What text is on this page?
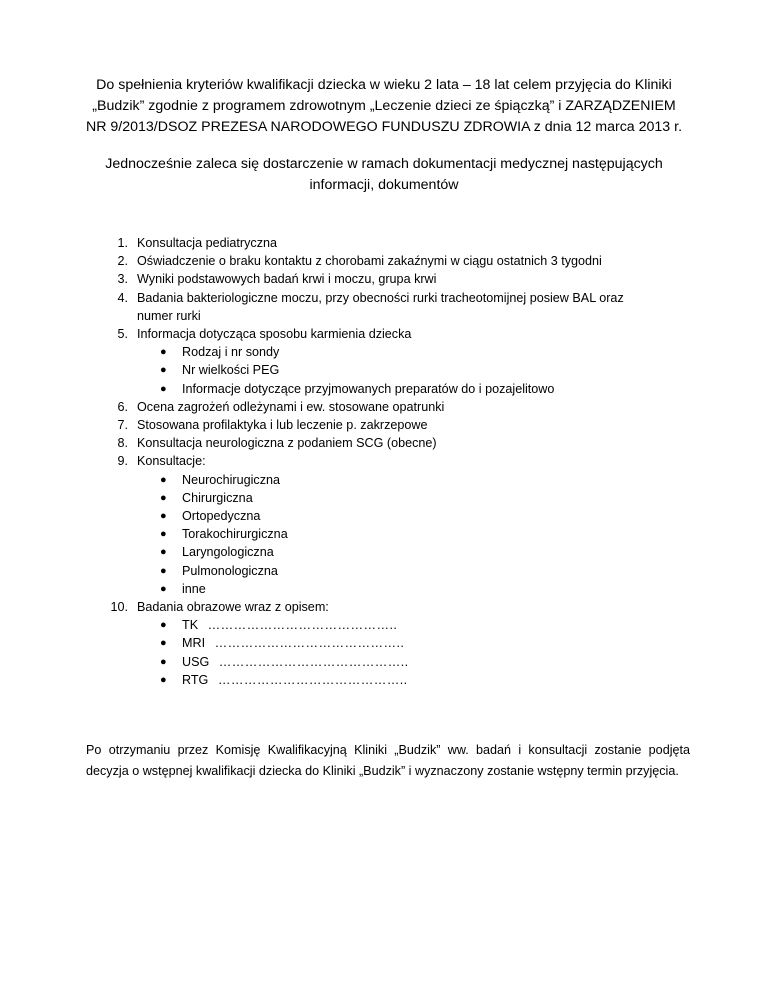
Do spełnienia kryteriów kwalifikacji dziecka w wieku 2 lata – 18 lat celem przyjęcia do Kliniki
„Budzik” zgodnie z programem zdrowotnym „Leczenie dzieci ze śpiączką” i ZARZĄDZENIEM
NR 9/2013/DSOZ PREZESA NARODOWEGO FUNDUSZU ZDROWIA z dnia 12 marca 2013 r.
Jednocześnie zaleca się dostarczenie w ramach dokumentacji medycznej następujących
informacji, dokumentów
1. Konsultacja pediatryczna
2. Oświadczenie o braku kontaktu z chorobami zakaźnymi w ciągu ostatnich 3 tygodni
3. Wyniki podstawowych badań krwi i moczu, grupa krwi
4. Badania bakteriologiczne moczu, przy obecności rurki tracheotomijnej posiew BAL oraz
numer rurki
5. Informacja dotycząca sposobu karmienia dziecka
● Rodzaj i nr sondy
● Nr wielkości PEG
● Informacje dotyczące przyjmowanych preparatów do i pozajelitowo
6. Ocena zagrożeń odleżynami i ew. stosowane opatrunki
7. Stosowana profilaktyka i lub leczenie p. zakrzepowe
8. Konsultacja neurologiczna z podaniem SCG (obecne)
9. Konsultacje:
● Neurochirugiczna
● Chirurgiczna
● Ortopedyczna
● Torakochirurgiczna
● Laryngologiczna
● Pulmonologiczna
● inne
10. Badania obrazowe wraz z opisem:
● TK ……………………………………..
● MRI ……………………………………..
● USG ……………………………………..
● RTG ……………………………………..
Po otrzymaniu przez Komisję Kwalifikacyjną Kliniki „Budzik” ww. badań i konsultacji zostanie podjęta decyzja o wstępnej kwalifikacji dziecka do Kliniki „Budzik” i wyznaczony zostanie wstępny termin przyjęcia.
